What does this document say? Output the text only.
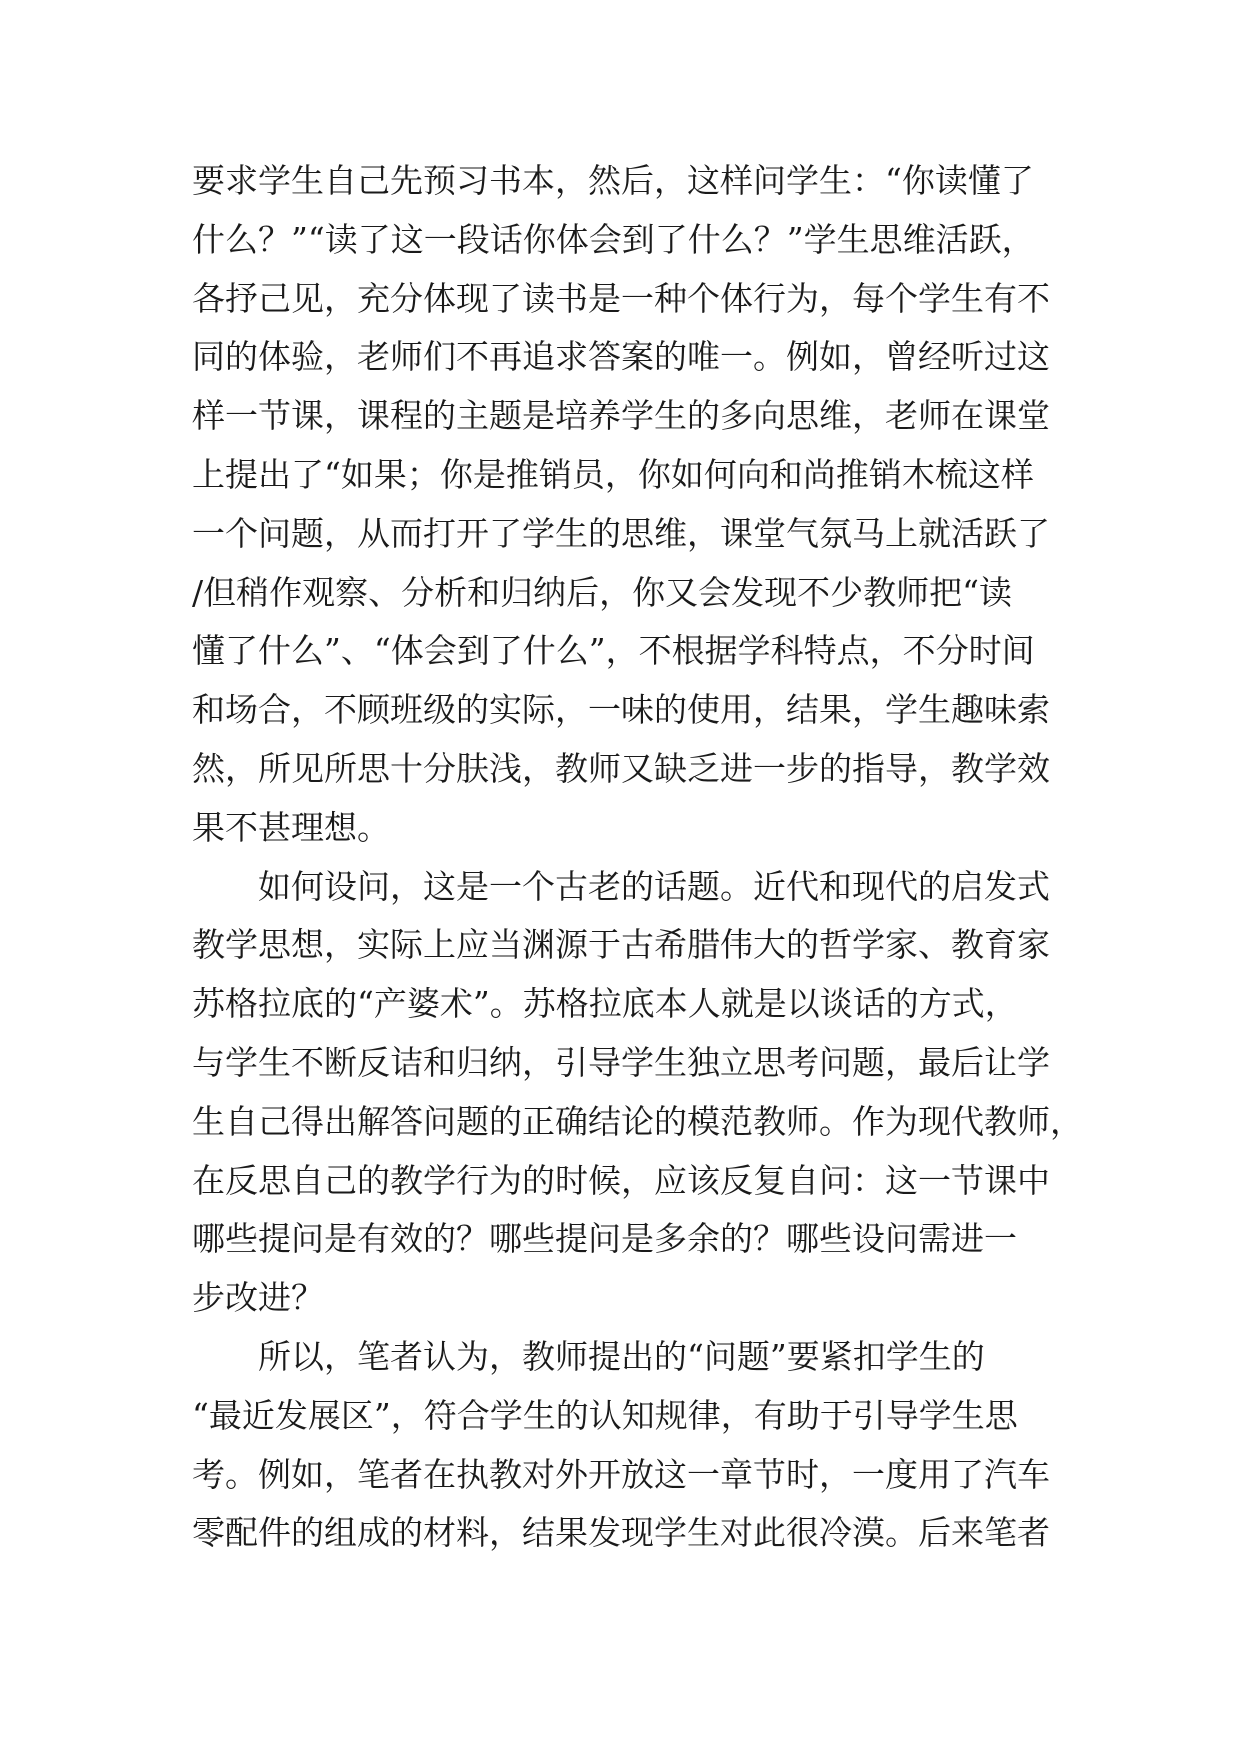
要求学生自己先预习书本，然后，这样问学生：“你读懂了
什么？”“读了这一段话你体会到了什么？”学生思维活跃，
各抒己见，充分体现了读书是一种个体行为，每个学生有不
同的体验，老师们不再追求答案的唯一。例如，曾经听过这
样一节课，课程的主题是培养学生的多向思维，老师在课堂
上提出了“如果；你是推销员，你如何向和尚推销木梳这样
一个问题，从而打开了学生的思维，课堂气氛马上就活跃了
/但稍作观察、分析和归纳后，你又会发现不少教师把“读
懂了什么”、“体会到了什么”，不根据学科特点，不分时间
和场合，不顾班级的实际，一味的使用，结果，学生趣味索
然，所见所思十分肤浅，教师又缺乏进一步的指导，教学效
果不甚理想。
如何设问，这是一个古老的话题。近代和现代的启发式
教学思想，实际上应当渊源于古希腊伟大的哲学家、教育家
苏格拉底的“产婆术”。苏格拉底本人就是以谈话的方式，
与学生不断反诘和归纳，引导学生独立思考问题，最后让学
生自己得出解答问题的正确结论的模范教师。作为现代教师，
在反思自己的教学行为的时候，应该反复自问：这一节课中
哪些提问是有效的？哪些提问是多余的？哪些设问需进一
步改进？
所以，笔者认为，教师提出的“问题”要紧扣学生的
“最近发展区”，符合学生的认知规律，有助于引导学生思
考。例如，笔者在执教对外开放这一章节时，一度用了汽车
零配件的组成的材料，结果发现学生对此很冷漠。后来笔者
